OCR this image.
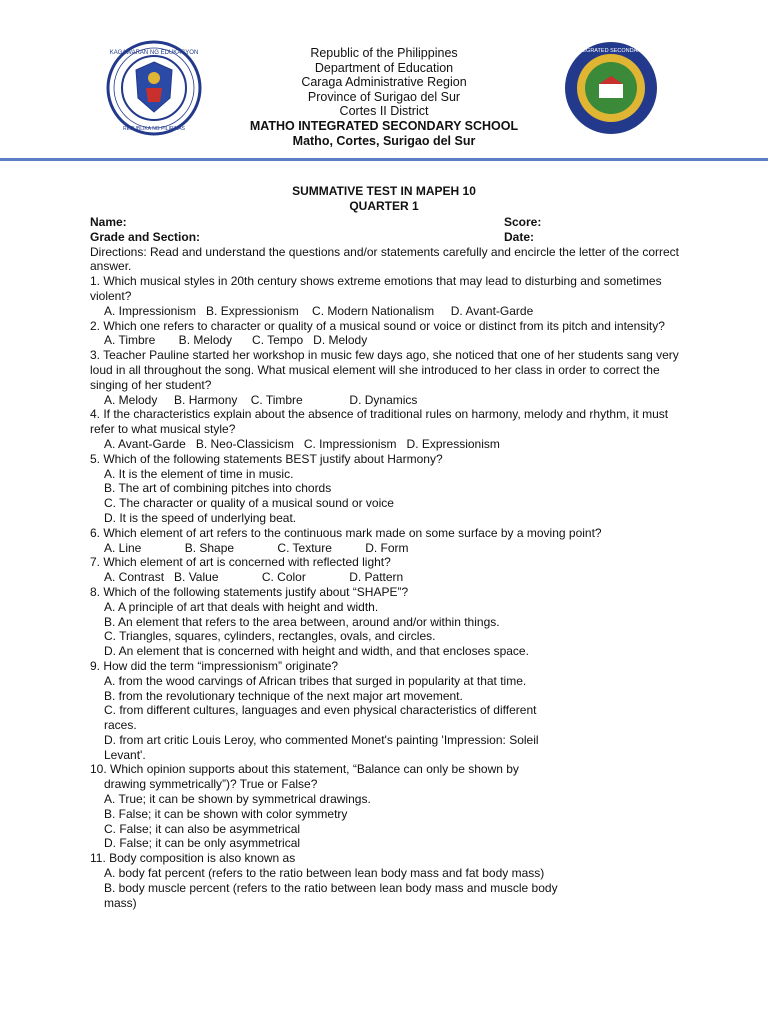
KAGAWARAN NG EDUKASYON
REPUBLIKA NG PILIPINAS
Republic of the Philippines
Department of Education
Caraga Administrative Region
Province of Surigao del Sur
Cortes II District
MATHO INTEGRATED SECONDARY SCHOOL
Matho, Cortes, Surigao del Sur
MATHO INTEGRATED SECONDARY SCHOOL
SUMMATIVE TEST IN MAPEH 10
QUARTER 1
Name:	Score:
Grade and Section:	Date:
Directions: Read and understand the questions and/or statements carefully and encircle the letter of the correct answer.
1. Which musical styles in 20th century shows extreme emotions that may lead to disturbing and sometimes violent?
A. Impressionism   B. Expressionism    C. Modern Nationalism     D. Avant-Garde
2. Which one refers to character or quality of a musical sound or voice or distinct from its pitch and intensity?
A. Timbre       B. Melody      C. Tempo   D. Melody
3. Teacher Pauline started her workshop in music few days ago, she noticed that one of her students sang very loud in all throughout the song. What musical element will she introduced to her class in order to correct the singing of her student?
A. Melody     B. Harmony    C. Timbre              D. Dynamics
4. If the characteristics explain about the absence of traditional rules on harmony, melody and rhythm, it must refer to what musical style?
A. Avant-Garde   B. Neo-Classicism   C. Impressionism   D. Expressionism
5. Which of the following statements BEST justify about Harmony?
A. It is the element of time in music.
B. The art of combining pitches into chords
C. The character or quality of a musical sound or voice
D. It is the speed of underlying beat.
6. Which element of art refers to the continuous mark made on some surface by a moving point?
A. Line             B. Shape             C. Texture          D. Form
7. Which element of art is concerned with reflected light?
A. Contrast   B. Value             C. Color             D. Pattern
8. Which of the following statements justify about “SHAPE”?
A. A principle of art that deals with height and width.
B. An element that refers to the area between, around and/or within things.
C. Triangles, squares, cylinders, rectangles, ovals, and circles.
D. An element that is concerned with height and width, and that encloses space.
9. How did the term “impressionism” originate?
A. from the wood carvings of African tribes that surged in popularity at that time.
B. from the revolutionary technique of the next major art movement.
C. from different cultures, languages and even physical characteristics of different
races.
D. from art critic Louis Leroy, who commented Monet's painting 'Impression: Soleil
Levant'.
10. Which opinion supports about this statement, “Balance can only be shown by
drawing symmetrically”)? True or False?
A. True; it can be shown by symmetrical drawings.
B. False; it can be shown with color symmetry
C. False; it can also be asymmetrical
D. False; it can be only asymmetrical
11. Body composition is also known as
A. body fat percent (refers to the ratio between lean body mass and fat body mass)
B. body muscle percent (refers to the ratio between lean body mass and muscle body
mass)
